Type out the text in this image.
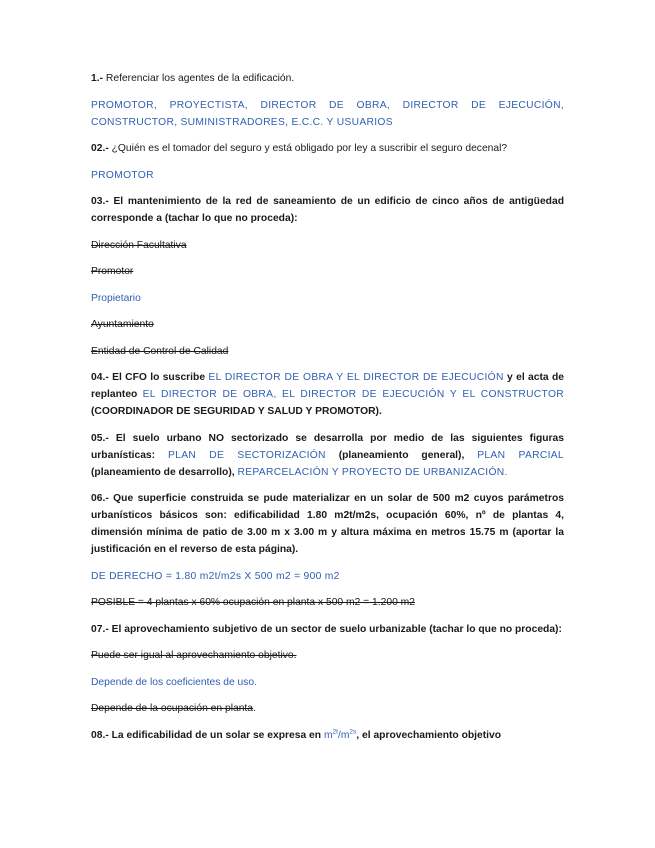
1.- Referenciar los agentes de la edificación.

PROMOTOR, PROYECTISTA, DIRECTOR DE OBRA, DIRECTOR DE EJECUCIÓN, CONSTRUCTOR, SUMINISTRADORES, E.C.C. Y USUARIOS

02.- ¿Quién es el tomador del seguro y está obligado por ley a suscribir el seguro decenal?

PROMOTOR

03.- El mantenimiento de la red de saneamiento de un edificio de cinco años de antigüedad corresponde a (tachar lo que no proceda):

Dirección Facultativa

Promotor

Propietario

Ayuntamiento

Entidad de Control de Calidad

04.- El CFO lo suscribe EL DIRECTOR DE OBRA Y EL DIRECTOR DE EJECUCIÓN y el acta de replanteo EL DIRECTOR DE OBRA, EL DIRECTOR DE EJECUCIÓN Y EL CONSTRUCTOR (COORDINADOR DE SEGURIDAD Y SALUD Y PROMOTOR).

05.- El suelo urbano NO sectorizado se desarrolla por medio de las siguientes figuras urbanísticas: PLAN DE SECTORIZACIÓN (planeamiento general), PLAN PARCIAL (planeamiento de desarrollo), REPARCELACIÓN Y PROYECTO DE URBANIZACIÓN.

06.- Que superficie construida se pude materializar en un solar de 500 m2 cuyos parámetros urbanísticos básicos son: edificabilidad 1.80 m2t/m2s, ocupación 60%, nº de plantas 4, dimensión mínima de patio de 3.00 m x 3.00 m y altura máxima en metros 15.75 m (aportar la justificación en el reverso de esta página).

DE DERECHO = 1.80 m2t/m2s X 500 m2 = 900 m2

POSIBLE = 4 plantas x 60% ocupación en planta x 500 m2 = 1.200 m2

07.- El aprovechamiento subjetivo de un sector de suelo urbanizable (tachar lo que no proceda):

Puede ser igual al aprovechamiento objetivo.

Depende de los coeficientes de uso.

Depende de la ocupación en planta.

08.- La edificabilidad de un solar se expresa en $m^{2t}/m^{2s}$, el aprovechamiento objetivo
